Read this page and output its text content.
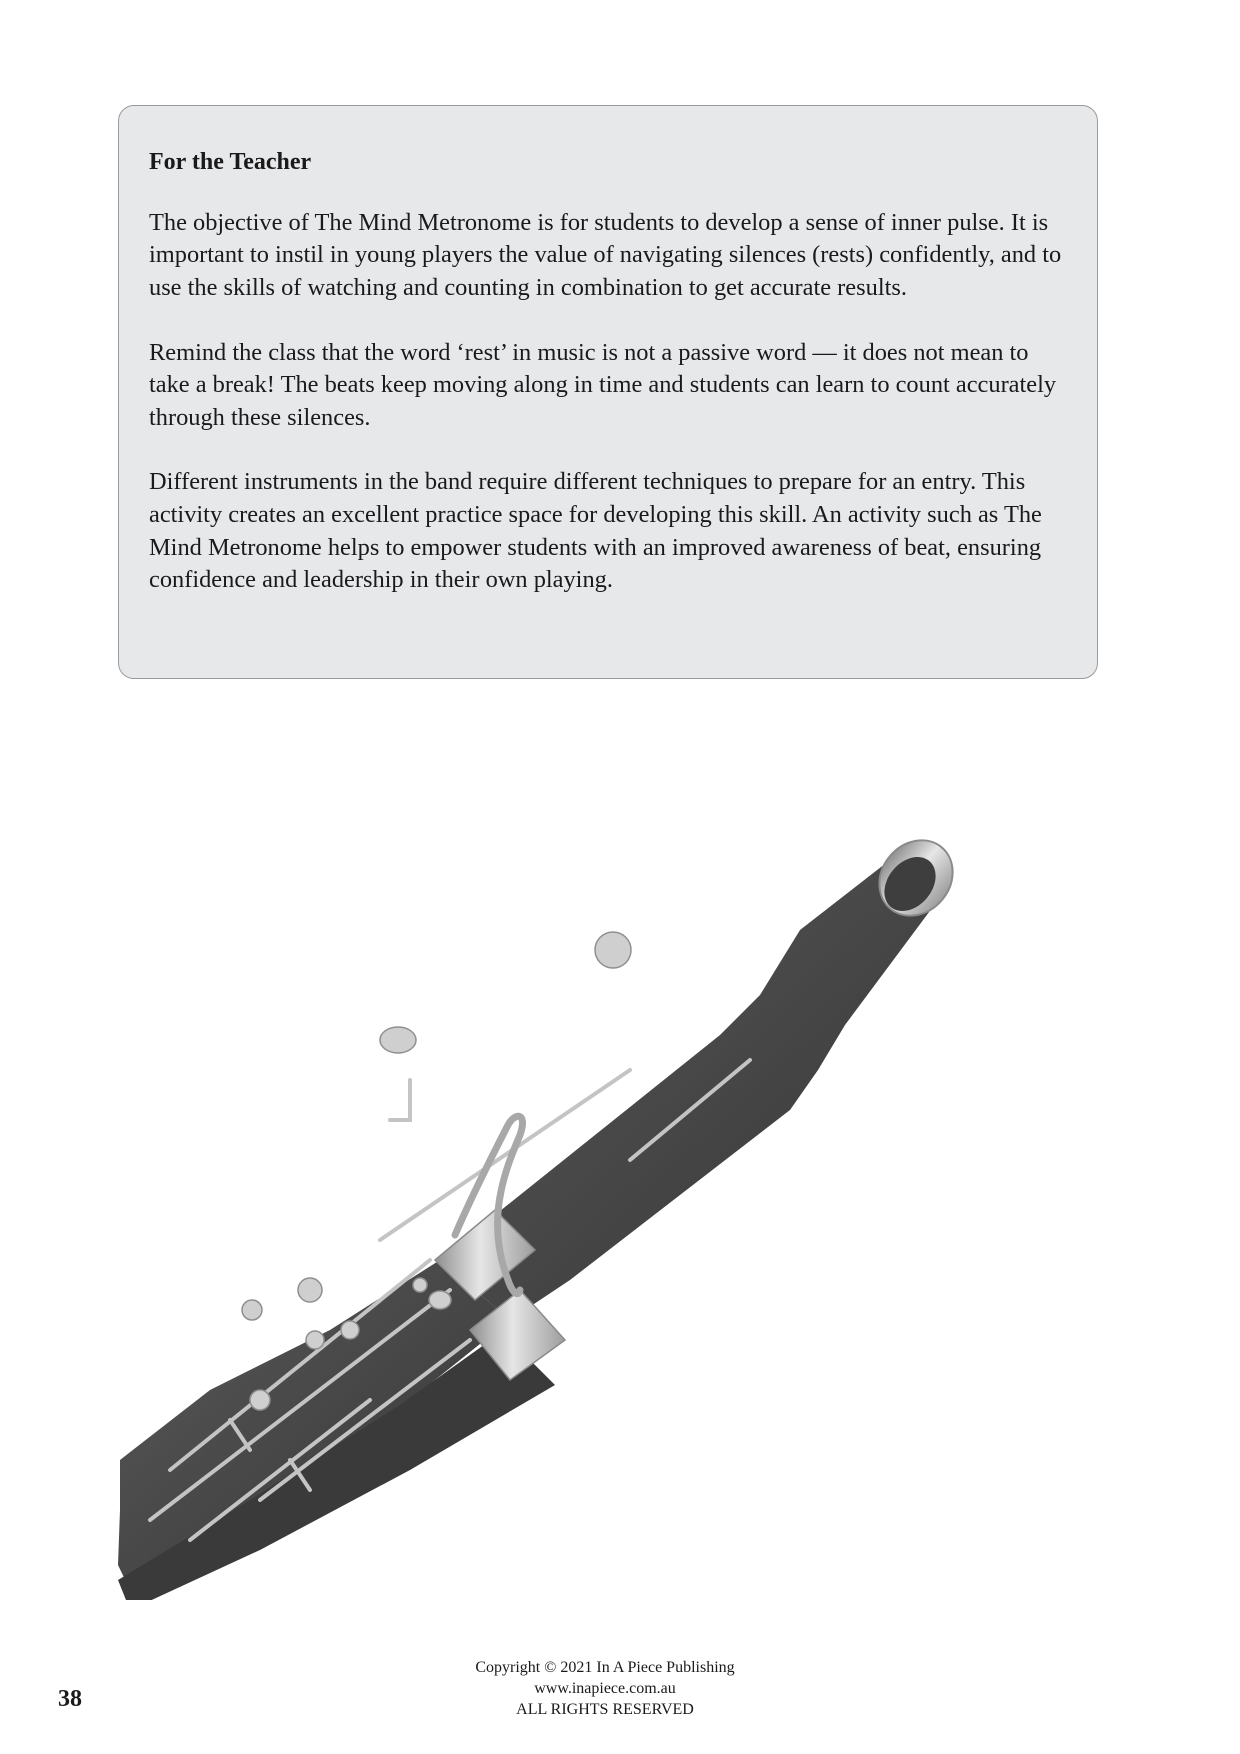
For the Teacher

The objective of The Mind Metronome is for students to develop a sense of inner pulse. It is important to instil in young players the value of navigating silences (rests) confidently, and to use the skills of watching and counting in combination to get accurate results.

Remind the class that the word ‘rest’ in music is not a passive word — it does not mean to take a break! The beats keep moving along in time and students can learn to count accurately through these silences.

Different instruments in the band require different techniques to prepare for an entry. This activity creates an excellent practice space for developing this skill. An activity such as The Mind Metronome helps to empower students with an improved awareness of beat, ensuring confidence and leadership in their own playing.

38
Copyright © 2021 In A Piece Publishing
www.inapiece.com.au
ALL RIGHTS RESERVED
